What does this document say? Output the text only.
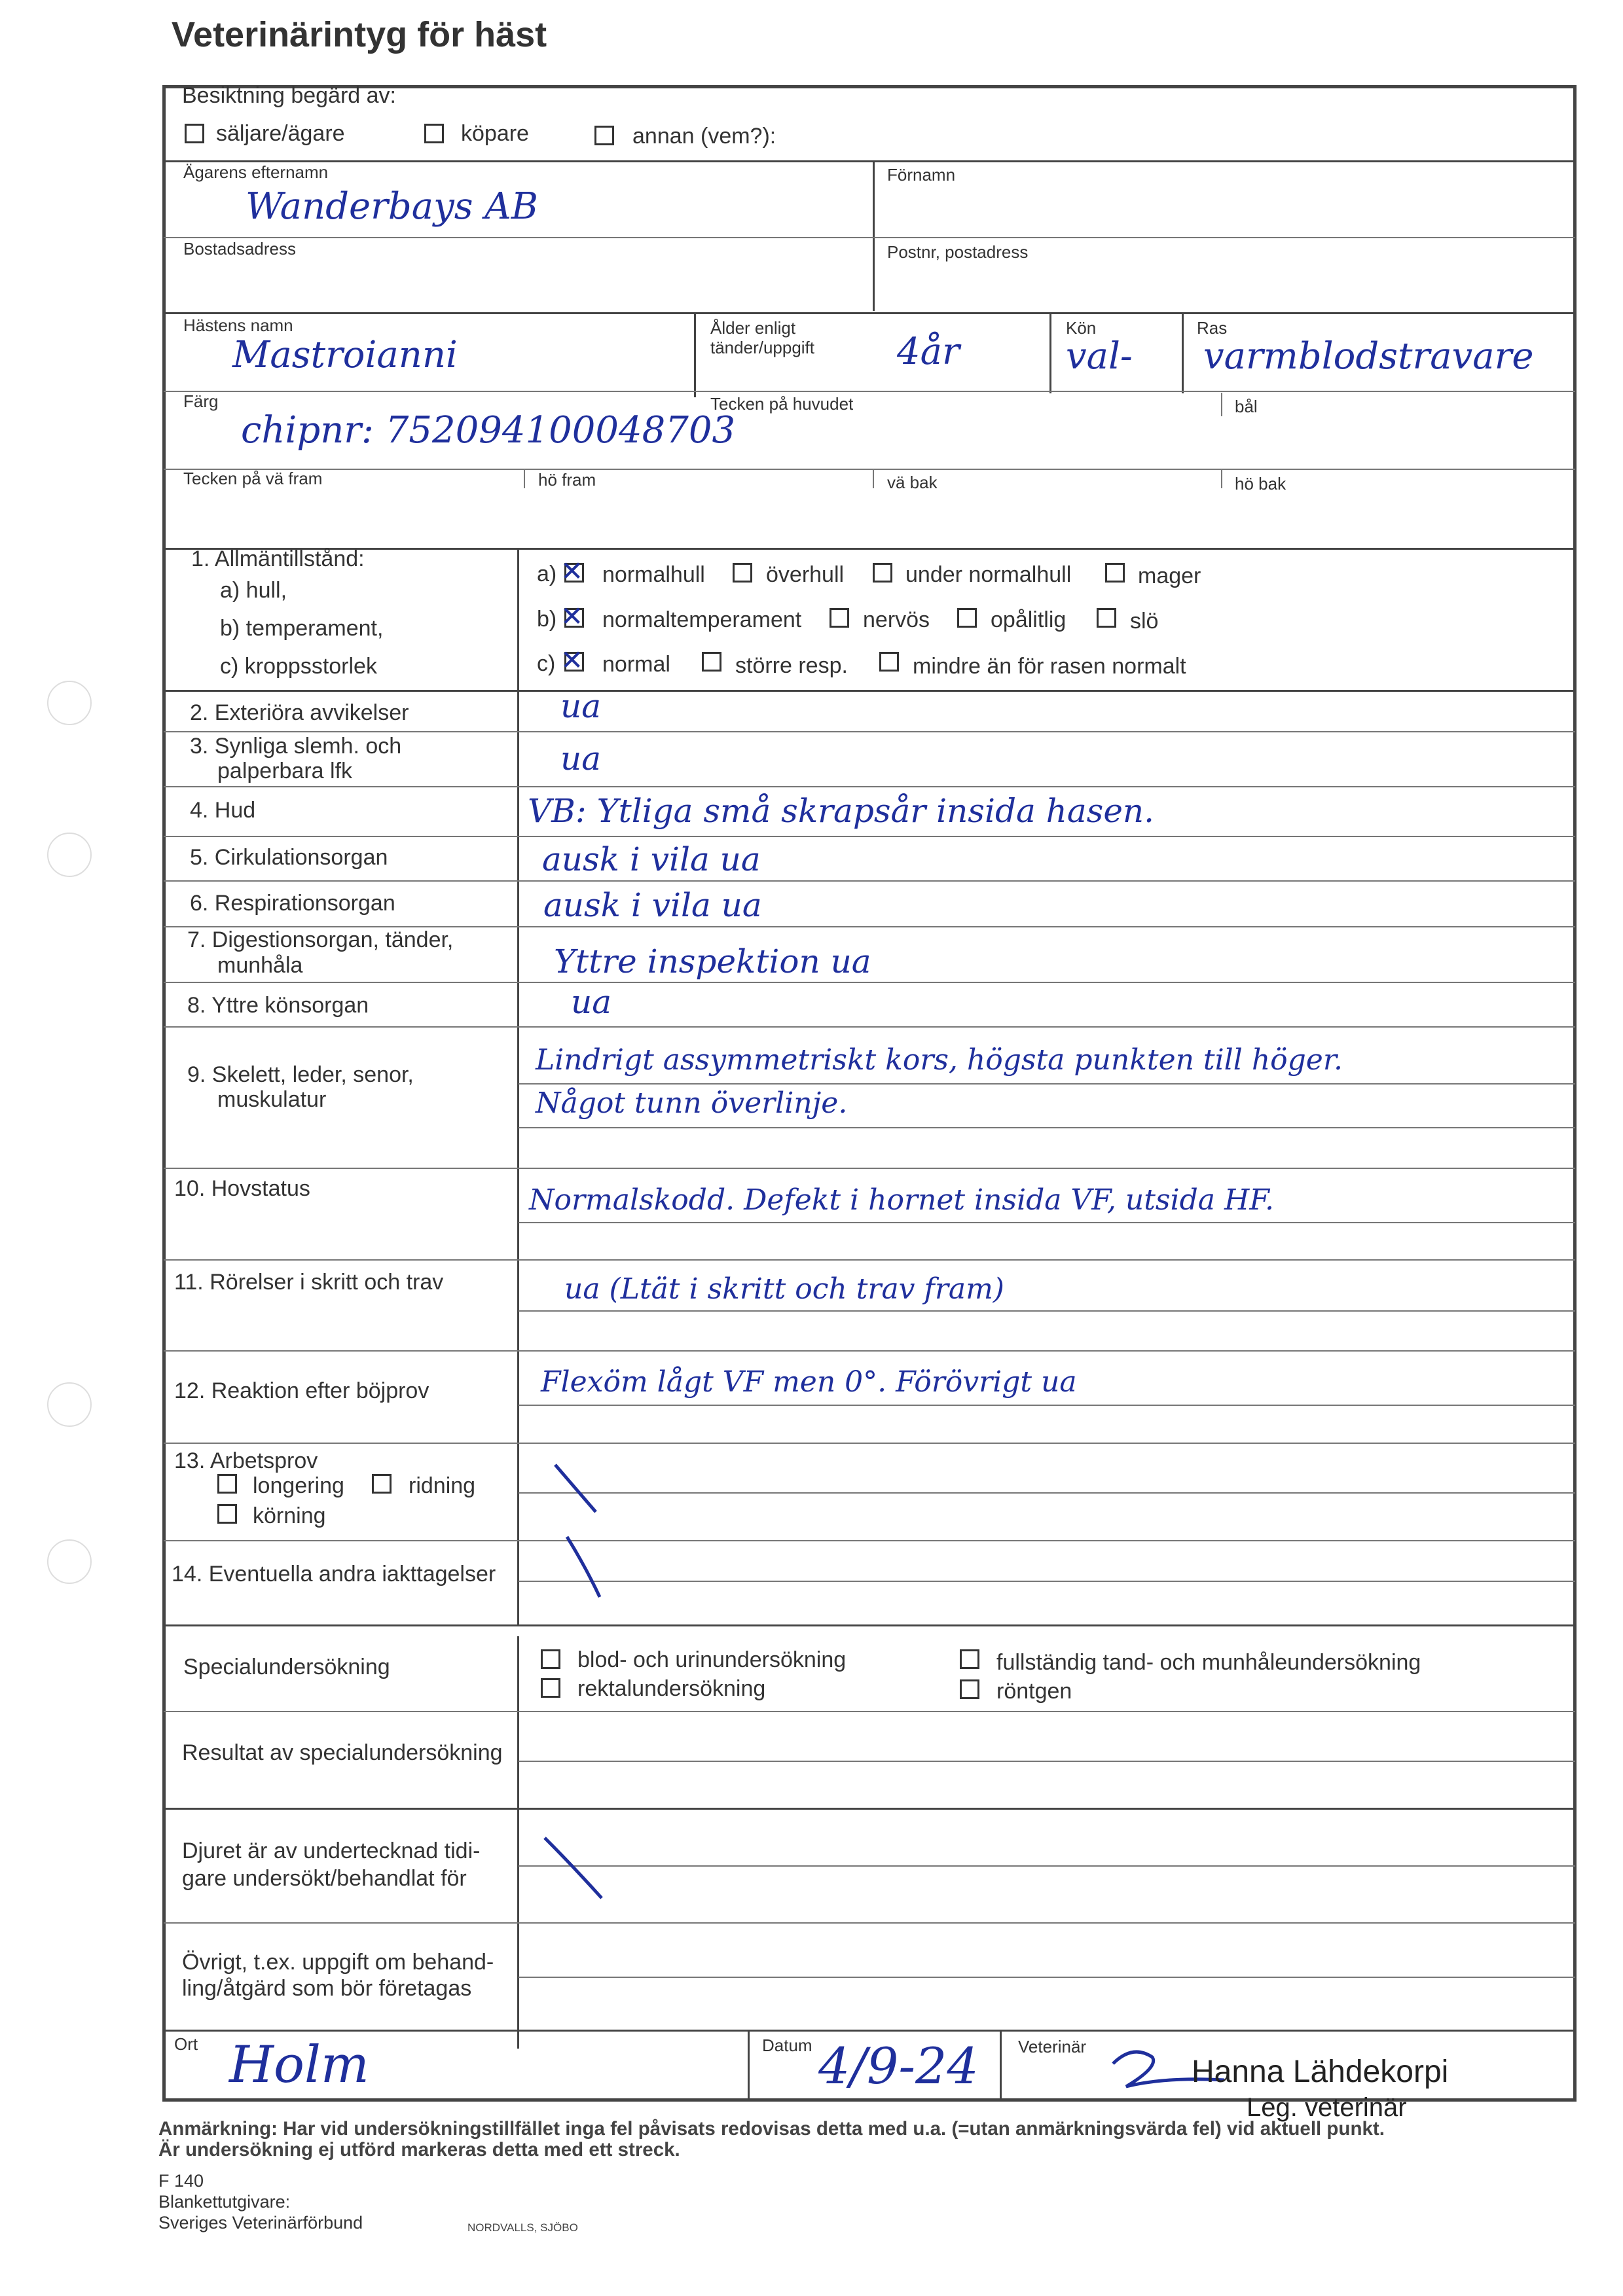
Veterinärintyg för häst
Besiktning begärd av:
säljare/ägare	köpare	annan (vem?):
Ägarens efternamn
Wanderbays AB
Förnamn
Bostadsadress	Postnr, postadress
Hästens namn
Mastroianni
Ålder enligt
tänder/uppgift 4år
Kön
val-
Ras
varmblodstravare
Färg
chipnr: 752094100048703
Tecken på huvudet	bål
Tecken på vä fram	hö fram	vä bak	hö bak
1. Allmäntillstånd:
a) hull,
b) temperament,
c) kroppsstorlek
a) ✕ normalhull	överhull	under normalhull	mager
b) ✕ normaltemperament	nervös	opålitlig	slö
c) ✕ normal	större resp.	mindre än för rasen normalt
2. Exteriöra avvikelser	ua
3. Synliga slemh. och
palperbara lfk	ua
4. Hud	VB: Ytliga små skrapsår insida hasen.
5. Cirkulationsorgan	ausk i vila ua
6. Respirationsorgan	ausk i vila ua
7. Digestionsorgan, tänder,
munhåla	Yttre inspektion ua
8. Yttre könsorgan	ua
9. Skelett, leder, senor,
muskulatur
Lindrigt assymmetriskt kors, högsta punkten till höger.
Något tunn överlinje.
10. Hovstatus	Normalskodd. Defekt i hornet insida VF, utsida HF.
11. Rörelser i skritt och trav	ua (Ltät i skritt och trav fram)
12. Reaktion efter böjprov	Flexöm lågt VF men 0°. Förövrigt ua
13. Arbetsprov
longering	ridning
körning
14. Eventuella andra iakttagelser
Specialundersökning	blod- och urinundersökning
rektalundersökning
fullständig tand- och munhåleundersökning
röntgen
Resultat av specialundersökning
Djuret är av undertecknad tidi-
gare undersökt/behandlat för
Övrigt, t.ex. uppgift om behand-
ling/åtgärd som bör företagas
Ort Holm	Datum 4/9-24 Veterinär
Hanna Lähdekorpi
Leg. veterinär
Anmärkning: Har vid undersökningstillfället inga fel påvisats redovisas detta med u.a. (=utan anmärkningsvärda fel) vid aktuell punkt.
Är undersökning ej utförd markeras detta med ett streck.
F 140
Blankettutgivare:
Sveriges Veterinärförbund	NORDVALLS, SJÖBO
